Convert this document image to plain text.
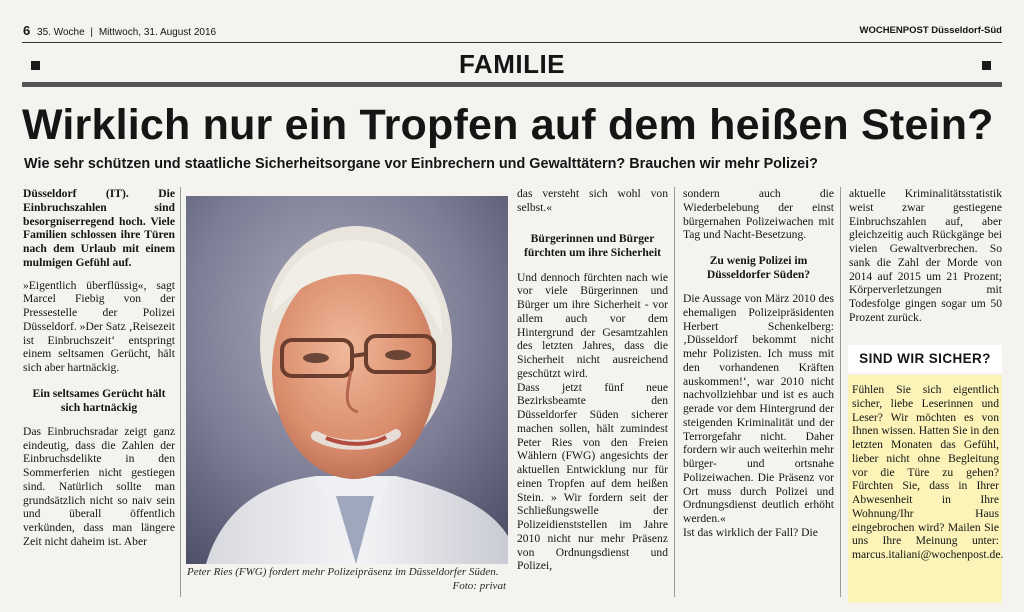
6 35. Woche | Mittwoch, 31. August 2016	WOCHENPOST Düsseldorf-Süd
FAMILIE
Wirklich nur ein Tropfen auf dem heißen Stein?
Wie sehr schützen und staatliche Sicherheitsorgane vor Einbrechern und Gewalttätern? Brauchen wir mehr Polizei?

Düsseldorf (IT). Die Einbruchszahlen sind besorgniserregend hoch. Viele Familien schlossen ihre Türen nach dem Urlaub mit einem mulmigen Gefühl auf.

»Eigentlich überflüssig«, sagt Marcel Fiebig von der Pressestelle der Polizei Düsseldorf. »Der Satz ‚Reisezeit ist Einbruchszeit‘ entspringt einem seltsamen Gerücht, hält sich aber hartnäckig.

Ein seltsames Gerücht hält sich hartnäckig

Das Einbruchsradar zeigt ganz eindeutig, dass die Zahlen der Einbruchsdelikte in den Sommerferien nicht gestiegen sind. Natürlich sollte man grundsätzlich nicht so naiv sein und überall öffentlich verkünden, dass man längere Zeit nicht daheim ist. Aber

Peter Ries (FWG) fordert mehr Polizeipräsenz im Düsseldorfer Süden.
Foto: privat

das versteht sich wohl von selbst.«

Bürgerinnen und Bürger fürchten um ihre Sicherheit

Und dennoch fürchten nach wie vor viele Bürgerinnen und Bürger um ihre Sicherheit - vor allem auch vor dem Hintergrund der Gesamtzahlen des letzten Jahres, dass die Sicherheit nicht ausreichend geschützt wird.

Dass jetzt fünf neue Bezirksbeamte den Düsseldorfer Süden sicherer machen sollen, hält zumindest Peter Ries von den Freien Wählern (FWG) angesichts der aktuellen Entwicklung nur für einen Tropfen auf dem heißen Stein. » Wir fordern seit der Schließungswelle der Polizeidienststellen im Jahre 2010 nicht nur mehr Präsenz von Ordnungsdienst und Polizei,

sondern auch die Wiederbelebung der einst bürgernahen Polizeiwachen mit Tag und Nacht-Besetzung.

Zu wenig Polizei im Düsseldorfer Süden?

Die Aussage von März 2010 des ehemaligen Polizeipräsidenten Herbert Schenkelberg: ‚Düsseldorf bekommt nicht mehr Polizisten. Ich muss mit den vorhandenen Kräften auskommen!‘, war 2010 nicht nachvollziehbar und ist es auch gerade vor dem Hintergrund der steigenden Kriminalität und der Terrorgefahr nicht. Daher fordern wir auch weiterhin mehr bürger- und ortsnahe Polizeiwachen. Die Präsenz vor Ort muss durch Polizei und Ordnungsdienst deutlich erhöht werden.«

Ist das wirklich der Fall? Die

aktuelle Kriminalitätsstatistik weist zwar gestiegene Einbruchszahlen auf, aber gleichzeitig auch Rückgänge bei vielen Gewaltverbrechen. So sank die Zahl der Morde von 2014 auf 2015 um 21 Prozent; Körperverletzungen mit Todesfolge gingen sogar um 50 Prozent zurück.

SIND WIR SICHER?
Fühlen Sie sich eigentlich sicher, liebe Leserinnen und Leser? Wir möchten es von Ihnen wissen. Hatten Sie in den letzten Monaten das Gefühl, lieber nicht ohne Begleitung vor die Türe zu gehen? Fürchten Sie, dass in Ihrer Abwesenheit in Ihre Wohnung/Ihr Haus eingebrochen wird? Mailen Sie uns Ihre Meinung unter: marcus.italiani@wochenpost.de.
